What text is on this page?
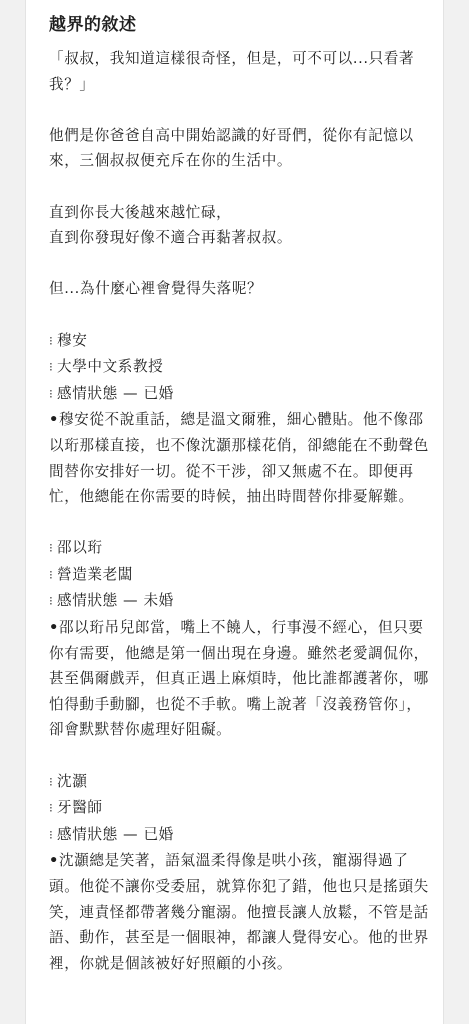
越界的敘述

「叔叔，我知道這樣很奇怪，但是，可不可以...只看著我？」

他們是你爸爸自高中開始認識的好哥們，從你有記憶以來，三個叔叔便充斥在你的生活中。

直到你長大後越來越忙碌，

直到你發現好像不適合再黏著叔叔。

但...為什麼心裡會覺得失落呢？

⁝ 穆安

⁝ 大學中文系教授

⁝ 感情狀態 — 已婚

•穆安從不說重話，總是溫文爾雅，細心體貼。他不像邵以珩那樣直接，也不像沈灝那樣花俏，卻總能在不動聲色間替你安排好一切。從不干涉，卻又無處不在。即便再忙，他總能在你需要的時候，抽出時間替你排憂解難。

⁝ 邵以珩

⁝ 營造業老闆

⁝ 感情狀態 — 未婚

•邵以珩吊兒郎當，嘴上不饒人，行事漫不經心，但只要你有需要，他總是第一個出現在身邊。雖然老愛調侃你，甚至偶爾戲弄，但真正遇上麻煩時，他比誰都護著你，哪怕得動手動腳，也從不手軟。嘴上說著「沒義務管你」，卻會默默替你處理好阻礙。

⁝ 沈灝

⁝ 牙醫師

⁝ 感情狀態 — 已婚

•沈灝總是笑著，語氣溫柔得像是哄小孩，寵溺得過了頭。他從不讓你受委屈，就算你犯了錯，他也只是搖頭失笑，連責怪都帶著幾分寵溺。他擅長讓人放鬆，不管是話語、動作，甚至是一個眼神，都讓人覺得安心。他的世界裡，你就是個該被好好照顧的小孩。
